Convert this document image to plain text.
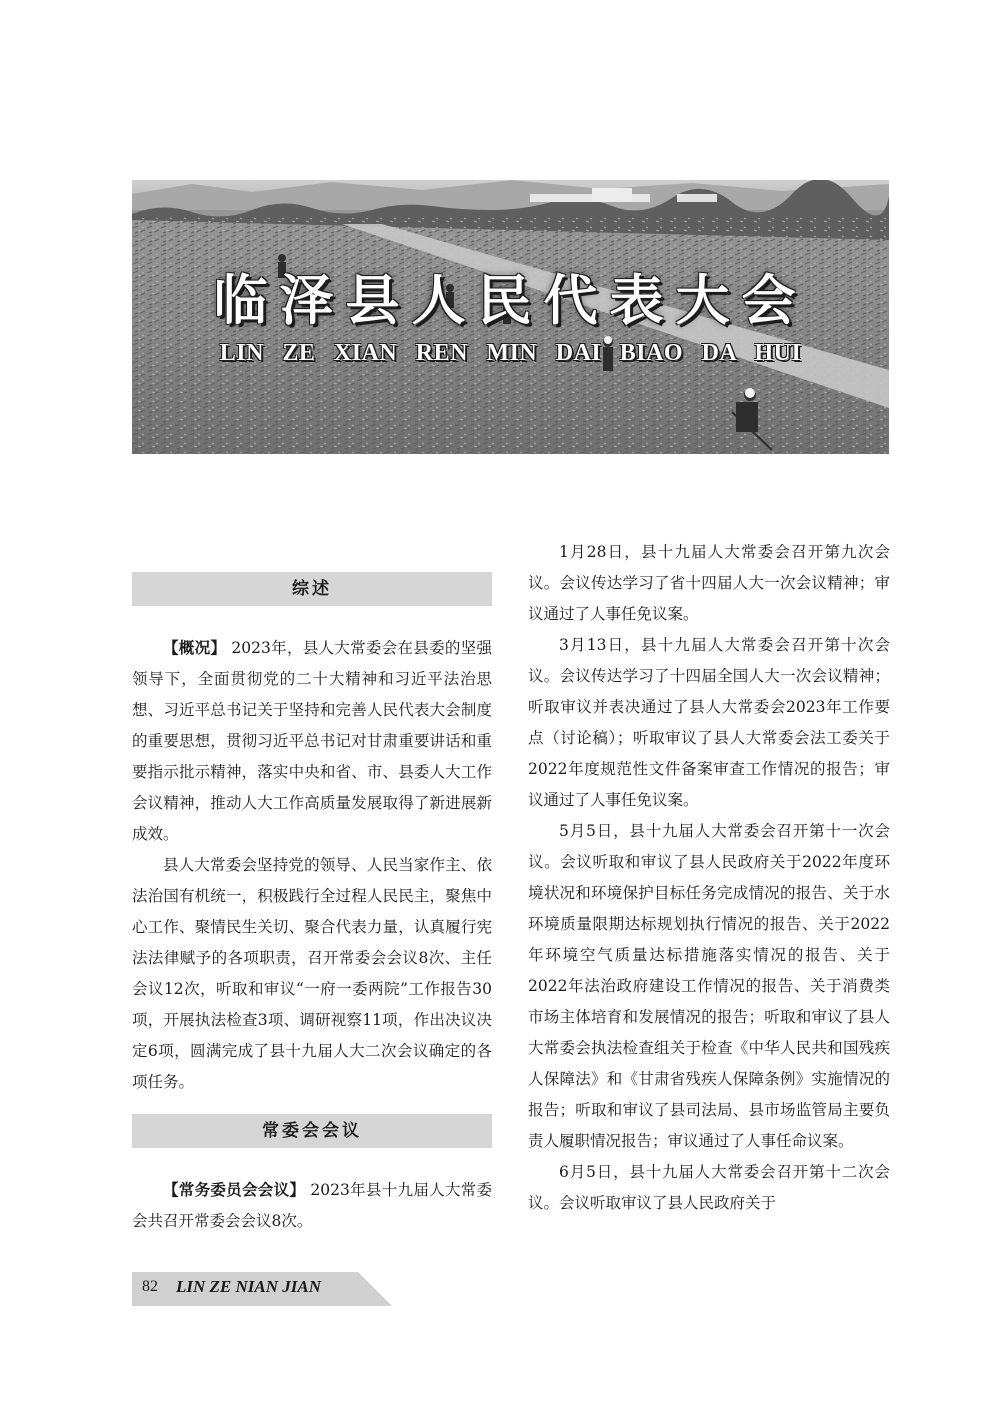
临泽县人民代表大会
LIN ZE XIAN REN MIN DAI BIAO DA HUI
综述

【概况】 2023年，县人大常委会在县委的坚强领导下，全面贯彻党的二十大精神和习近平法治思想、习近平总书记关于坚持和完善人民代表大会制度的重要思想，贯彻习近平总书记对甘肃重要讲话和重要指示批示精神，落实中央和省、市、县委人大工作会议精神，推动人大工作高质量发展取得了新进展新成效。

县人大常委会坚持党的领导、人民当家作主、依法治国有机统一，积极践行全过程人民民主，聚焦中心工作、聚情民生关切、聚合代表力量，认真履行宪法法律赋予的各项职责，召开常委会会议8次、主任会议12次，听取和审议“一府一委两院”工作报告30项，开展执法检查3项、调研视察11项，作出决议决定6项，圆满完成了县十九届人大二次会议确定的各项任务。

常委会会议

【常务委员会会议】 2023年县十九届人大常委会共召开常委会会议8次。

1月28日，县十九届人大常委会召开第九次会议。会议传达学习了省十四届人大一次会议精神；审议通过了人事任免议案。

3月13日，县十九届人大常委会召开第十次会议。会议传达学习了十四届全国人大一次会议精神；听取审议并表决通过了县人大常委会2023年工作要点（讨论稿）；听取审议了县人大常委会法工委关于2022年度规范性文件备案审查工作情况的报告；审议通过了人事任免议案。

5月5日，县十九届人大常委会召开第十一次会议。会议听取和审议了县人民政府关于2022年度环境状况和环境保护目标任务完成情况的报告、关于水环境质量限期达标规划执行情况的报告、关于2022年环境空气质量达标措施落实情况的报告、关于2022年法治政府建设工作情况的报告、关于消费类市场主体培育和发展情况的报告；听取和审议了县人大常委会执法检查组关于检查《中华人民共和国残疾人保障法》和《甘肃省残疾人保障条例》实施情况的报告；听取和审议了县司法局、县市场监管局主要负责人履职情况报告；审议通过了人事任命议案。

6月5日，县十九届人大常委会召开第十二次会议。会议听取审议了县人民政府关于

82 LIN ZE NIAN JIAN
